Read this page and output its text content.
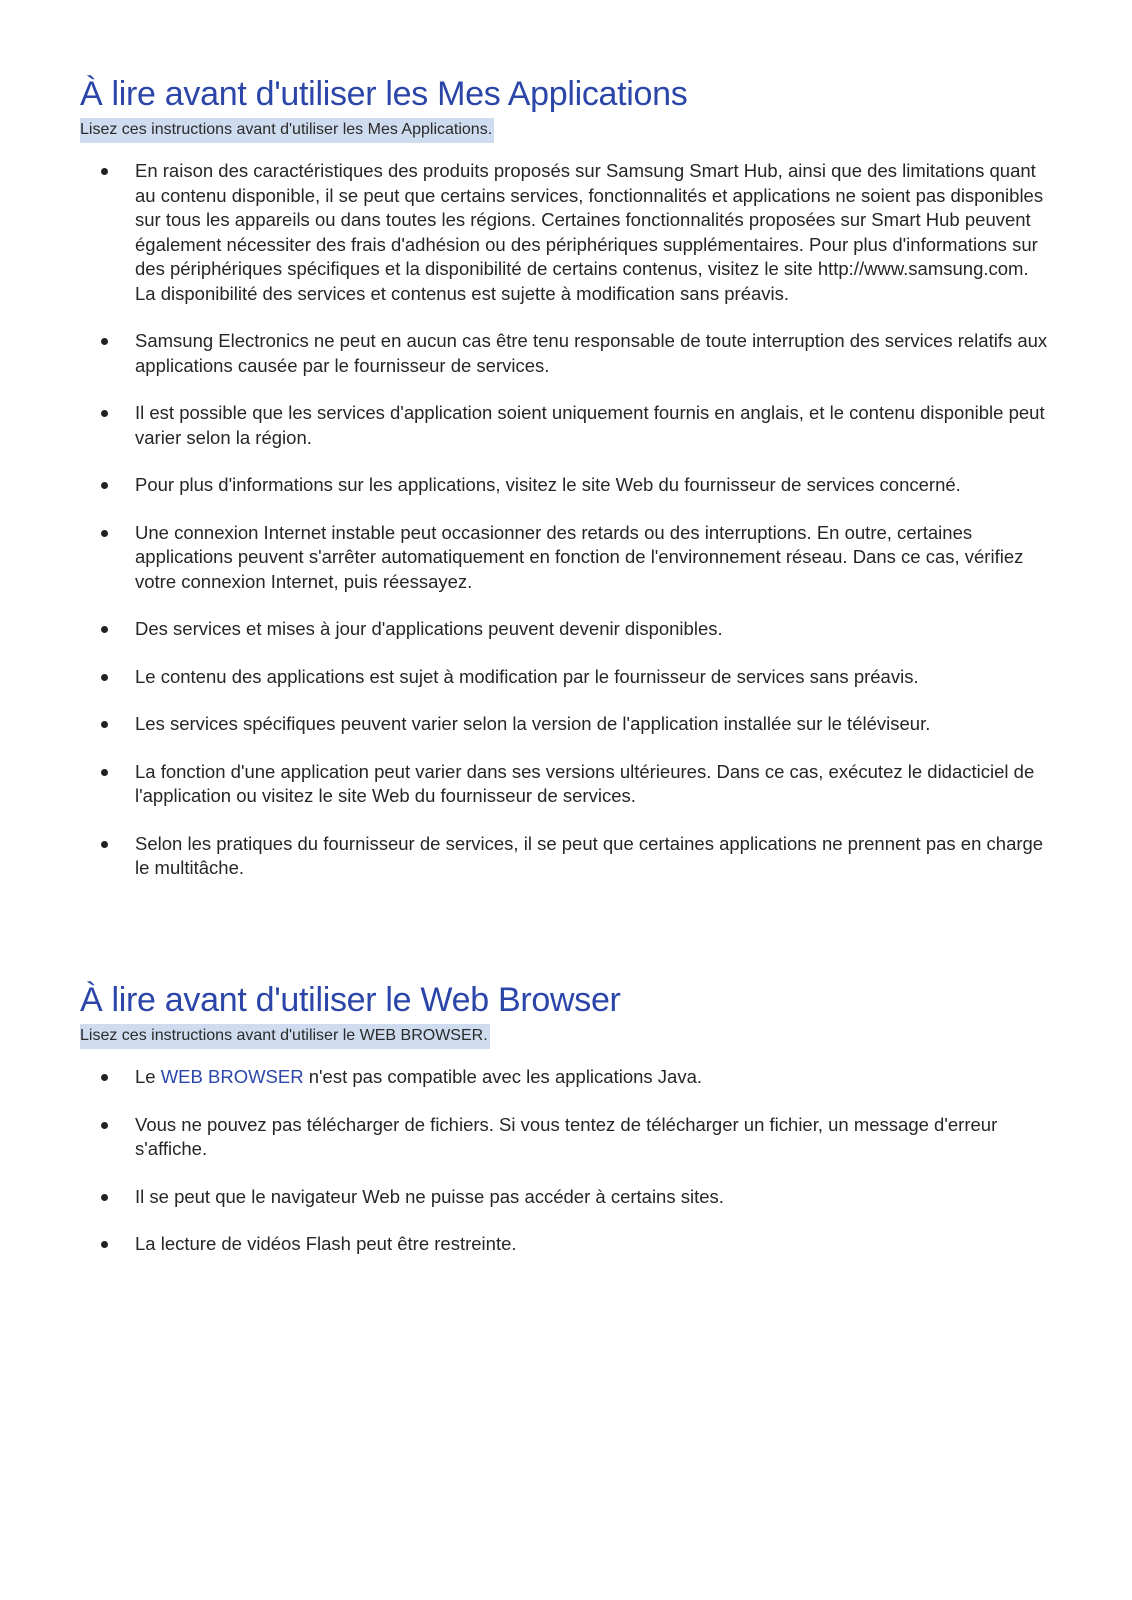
À lire avant d'utiliser les Mes Applications
Lisez ces instructions avant d'utiliser les Mes Applications.
En raison des caractéristiques des produits proposés sur Samsung Smart Hub, ainsi que des limitations quant au contenu disponible, il se peut que certains services, fonctionnalités et applications ne soient pas disponibles sur tous les appareils ou dans toutes les régions. Certaines fonctionnalités proposées sur Smart Hub peuvent également nécessiter des frais d'adhésion ou des périphériques supplémentaires. Pour plus d'informations sur des périphériques spécifiques et la disponibilité de certains contenus, visitez le site http://www.samsung.com. La disponibilité des services et contenus est sujette à modification sans préavis.
Samsung Electronics ne peut en aucun cas être tenu responsable de toute interruption des services relatifs aux applications causée par le fournisseur de services.
Il est possible que les services d'application soient uniquement fournis en anglais, et le contenu disponible peut varier selon la région.
Pour plus d'informations sur les applications, visitez le site Web du fournisseur de services concerné.
Une connexion Internet instable peut occasionner des retards ou des interruptions. En outre, certaines applications peuvent s'arrêter automatiquement en fonction de l'environnement réseau. Dans ce cas, vérifiez votre connexion Internet, puis réessayez.
Des services et mises à jour d'applications peuvent devenir disponibles.
Le contenu des applications est sujet à modification par le fournisseur de services sans préavis.
Les services spécifiques peuvent varier selon la version de l'application installée sur le téléviseur.
La fonction d'une application peut varier dans ses versions ultérieures. Dans ce cas, exécutez le didacticiel de l'application ou visitez le site Web du fournisseur de services.
Selon les pratiques du fournisseur de services, il se peut que certaines applications ne prennent pas en charge le multitâche.
À lire avant d'utiliser le Web Browser
Lisez ces instructions avant d'utiliser le WEB BROWSER.
Le WEB BROWSER n'est pas compatible avec les applications Java.
Vous ne pouvez pas télécharger de fichiers. Si vous tentez de télécharger un fichier, un message d'erreur s'affiche.
Il se peut que le navigateur Web ne puisse pas accéder à certains sites.
La lecture de vidéos Flash peut être restreinte.
